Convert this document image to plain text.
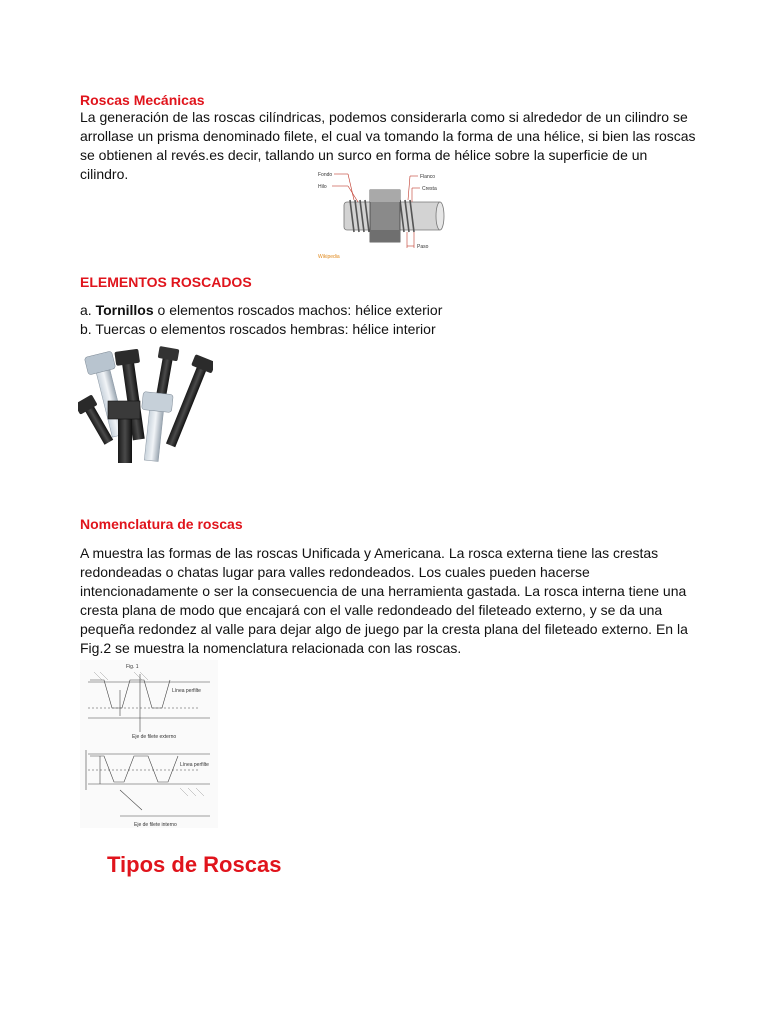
Roscas Mecánicas
La generación de las roscas cilíndricas, podemos considerarla como si alrededor de un cilindro se
arrollase un prisma denominado filete, el cual va tomando la forma de una hélice, si bien las roscas
se obtienen al revés.es decir, tallando un surco en forma de hélice sobre la superficie de un
cilindro.	Fondo
Hilo
Flanco
Cresta
Paso
Wikipedia
ELEMENTOS ROSCADOS
a. Tornillos o elementos roscados machos: hélice exterior
b. Tuercas o elementos roscados hembras: hélice interior
Nomenclatura de roscas
A muestra las formas de las roscas Unificada y Americana. La rosca externa tiene las crestas
redondeadas o chatas lugar para valles redondeados. Los cuales pueden hacerse
intencionadamente o ser la consecuencia de una herramienta gastada. La rosca interna tiene una
cresta plana de modo que encajará con el valle redondeado del fileteado externo, y se da una
pequeña redondez al valle para dejar algo de juego par la cresta plana del fileteado externo. En la
Fig.2 se muestra la nomenclatura relacionada con las roscas.
Fig. 1
Línea perfilte
Eje de filete externo
Línea perfilte
Eje de filete interno
Tipos de Roscas
